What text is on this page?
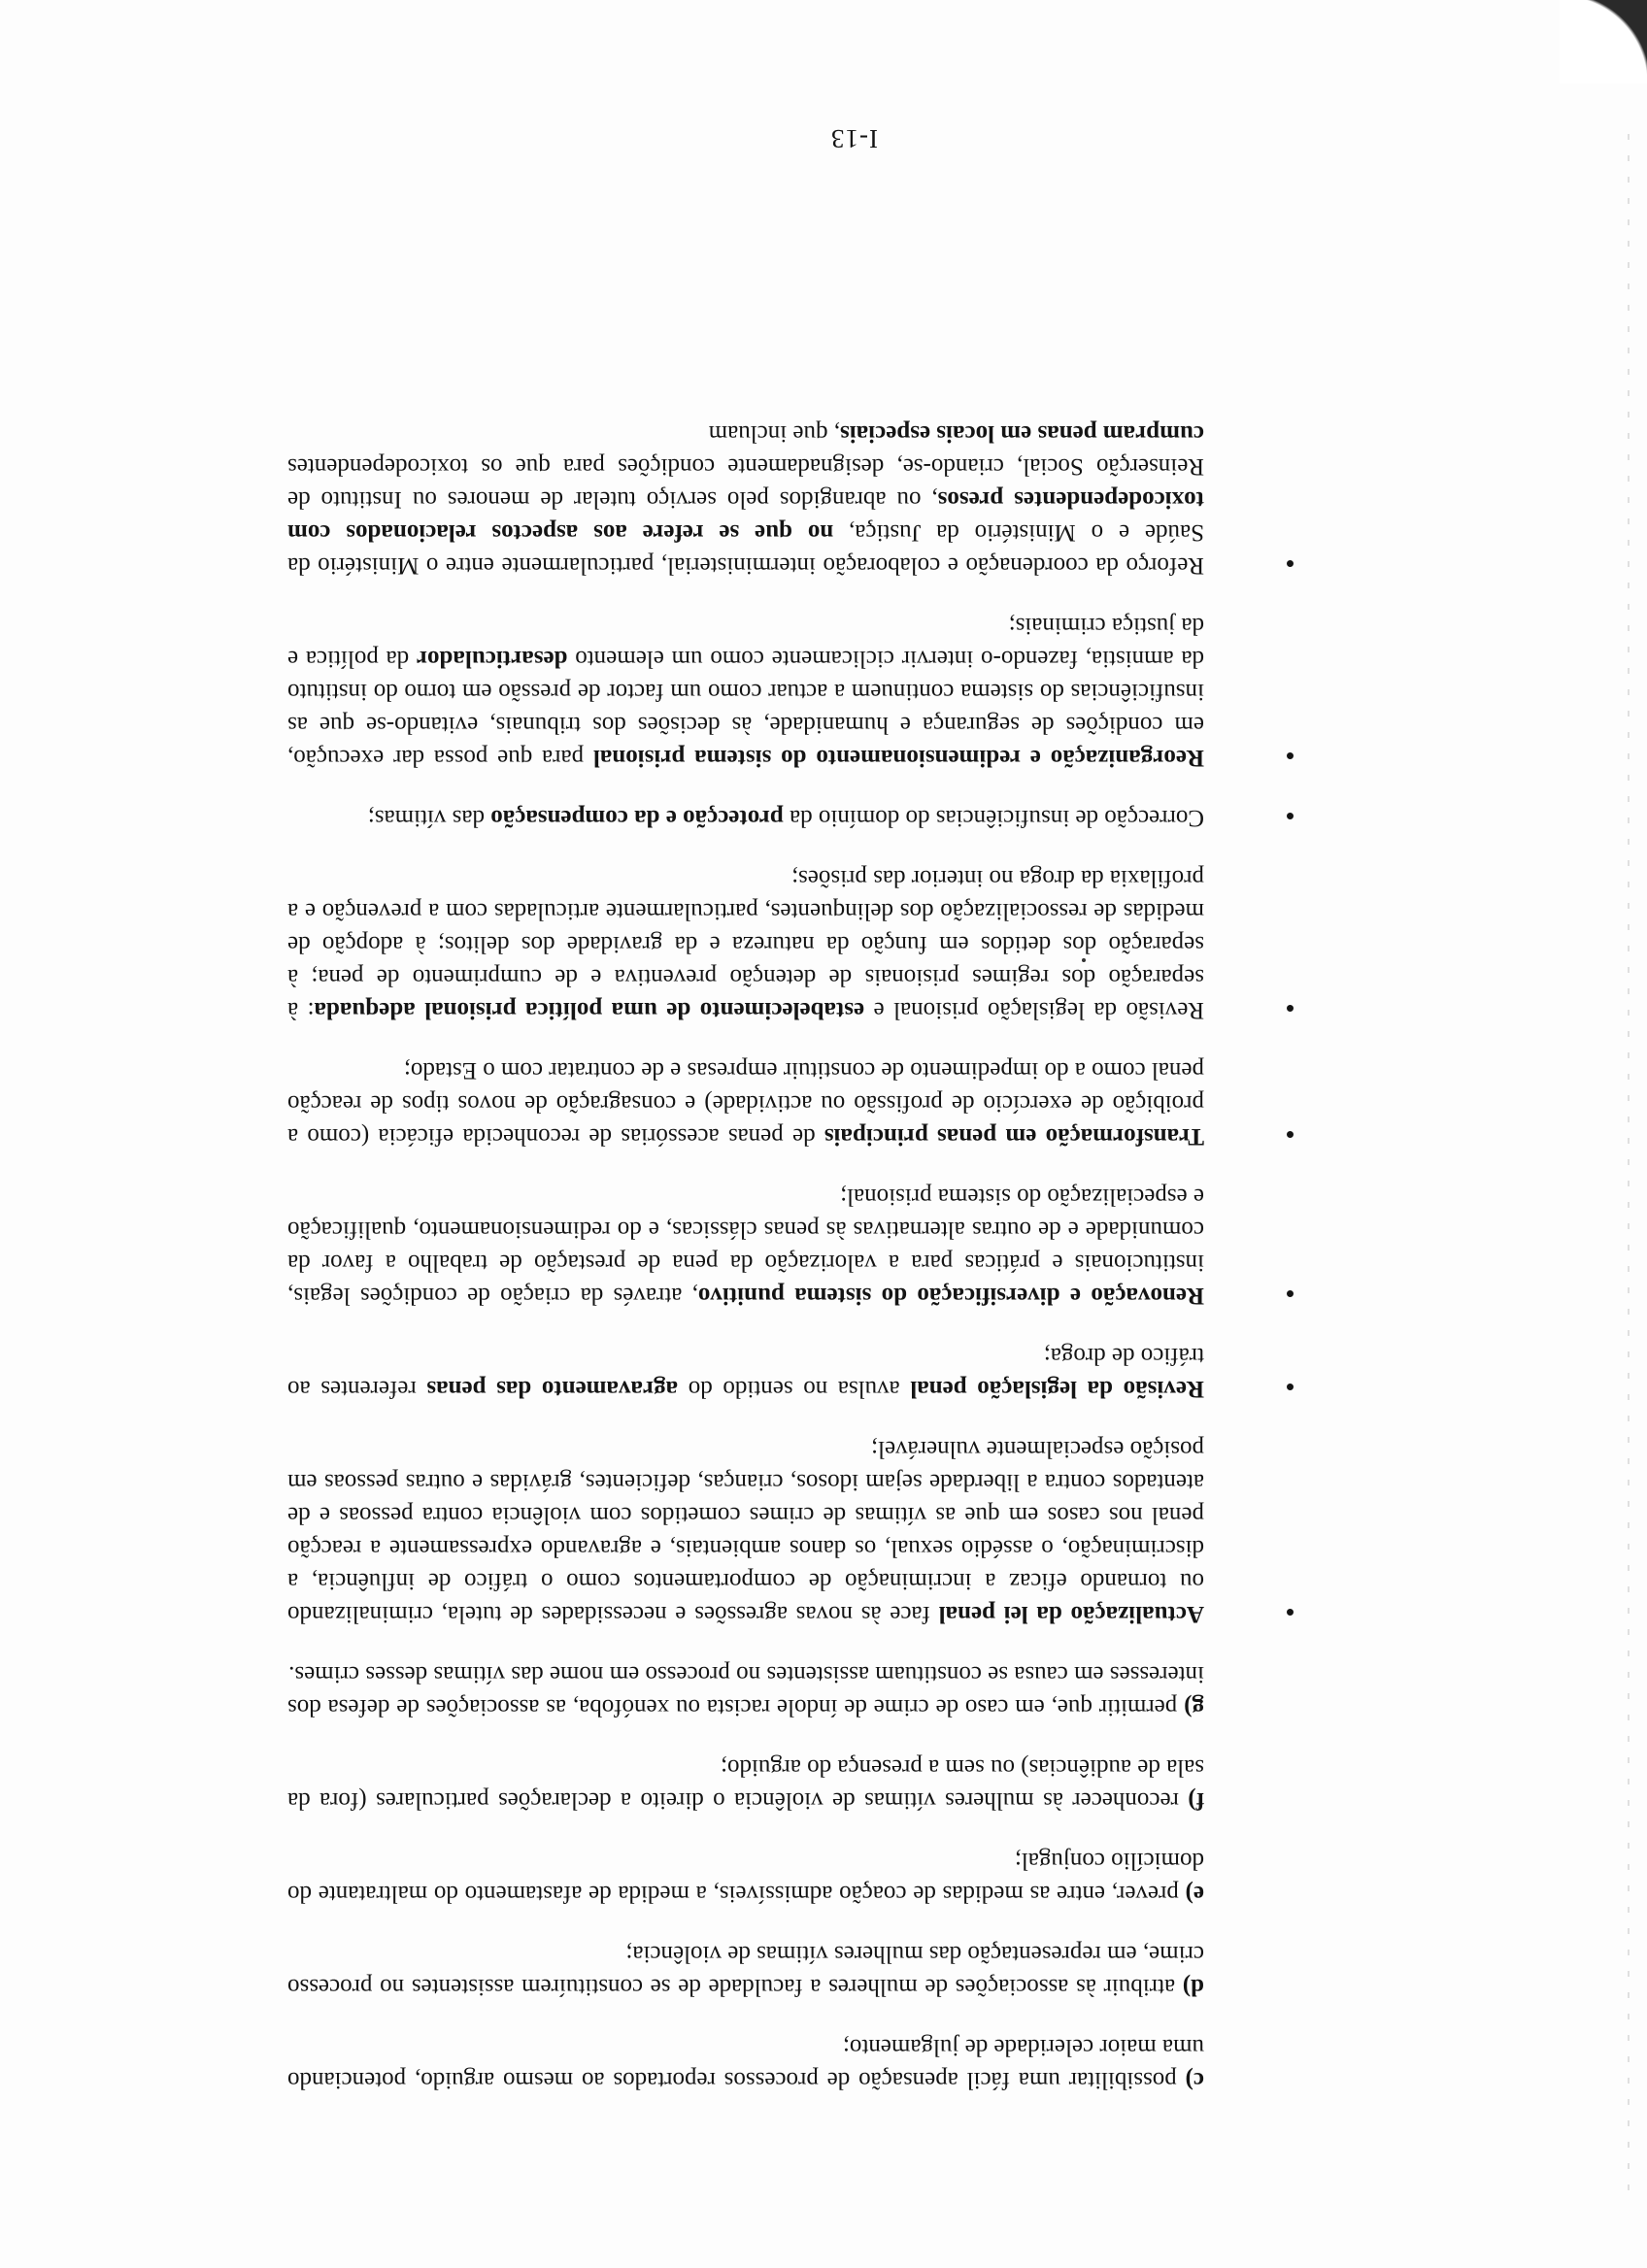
c) possibilitar uma fácil apensação de processos reportados ao mesmo arguido, potenciando uma maior celeridade de julgamento;
d) atribuir às associações de mulheres a faculdade de se constituírem assistentes no processo crime, em representação das mulheres vítimas de violência;
e) prever, entre as medidas de coação admissíveis, a medida de afastamento do maltratante do domicílio conjugal;
f) reconhecer às mulheres vítimas de violência o direito a declarações particulares (fora da sala de audiências) ou sem a presença do arguido;
g) permitir que, em caso de crime de índole racista ou xenófoba, as associações de defesa dos interesses em causa se constituam assistentes no processo em nome das vítimas desses crimes.
Actualização da lei penal face às novas agressões e necessidades de tutela, criminalizando ou tornando eficaz a incriminação de comportamentos como o tráfico de influência, a discriminação, o assédio sexual, os danos ambientais, e agravando expressamente a reacção penal nos casos em que as vítimas de crimes cometidos com violência contra pessoas e de atentados contra a liberdade sejam idosos, crianças, deficientes, grávidas e outras pessoas em posição especialmente vulnerável;
Revisão da legislação penal avulsa no sentido do agravamento das penas referentes ao tráfico de droga;
Renovação e diversificação do sistema punitivo, através da criação de condições legais, institucionais e práticas para a valorização da pena de prestação de trabalho a favor da comunidade e de outras alternativas às penas clássicas, e do redimensionamento, qualificação e especialização do sistema prisional;
Transformação em penas principais de penas acessórias de reconhecida eficácia (como a proibição de exercício de profissão ou actividade) e consagração de novos tipos de reacção penal como a do impedimento de constituir empresas e de contratar com o Estado;
Revisão da legislação prisional e estabelecimento de uma política prisional adequada: à separação dos regimes prisionais de detenção preventiva e de cumprimento de pena; à separação dos detidos em função da natureza e da gravidade dos delitos; à adopção de medidas de ressocialização dos delinquentes, particularmente articuladas com a prevenção e a profilaxia da droga no interior das prisões;
Correcção de insuficiências do domínio da protecção e da compensação das vítimas;
Reorganização e redimensionamento do sistema prisional para que possa dar execução, em condições de segurança e humanidade, às decisões dos tribunais, evitando-se que as insuficiências do sistema continuem a actuar como um factor de pressão em torno do instituto da amnistia, fazendo-o intervir ciclicamente como um elemento desarticulador da política e da justiça criminais;
Reforço da coordenação e colaboração interministerial, particularmente entre o Ministério da Saúde e o Ministério da Justiça, no que se refere aos aspectos relacionados com toxicodependentes presos, ou abrangidos pelo serviço tutelar de menores ou Instituto de Reinserção Social, criando-se, designadamente condições para que os toxicodependentes cumpram penas em locais especiais, que incluam
I-13
